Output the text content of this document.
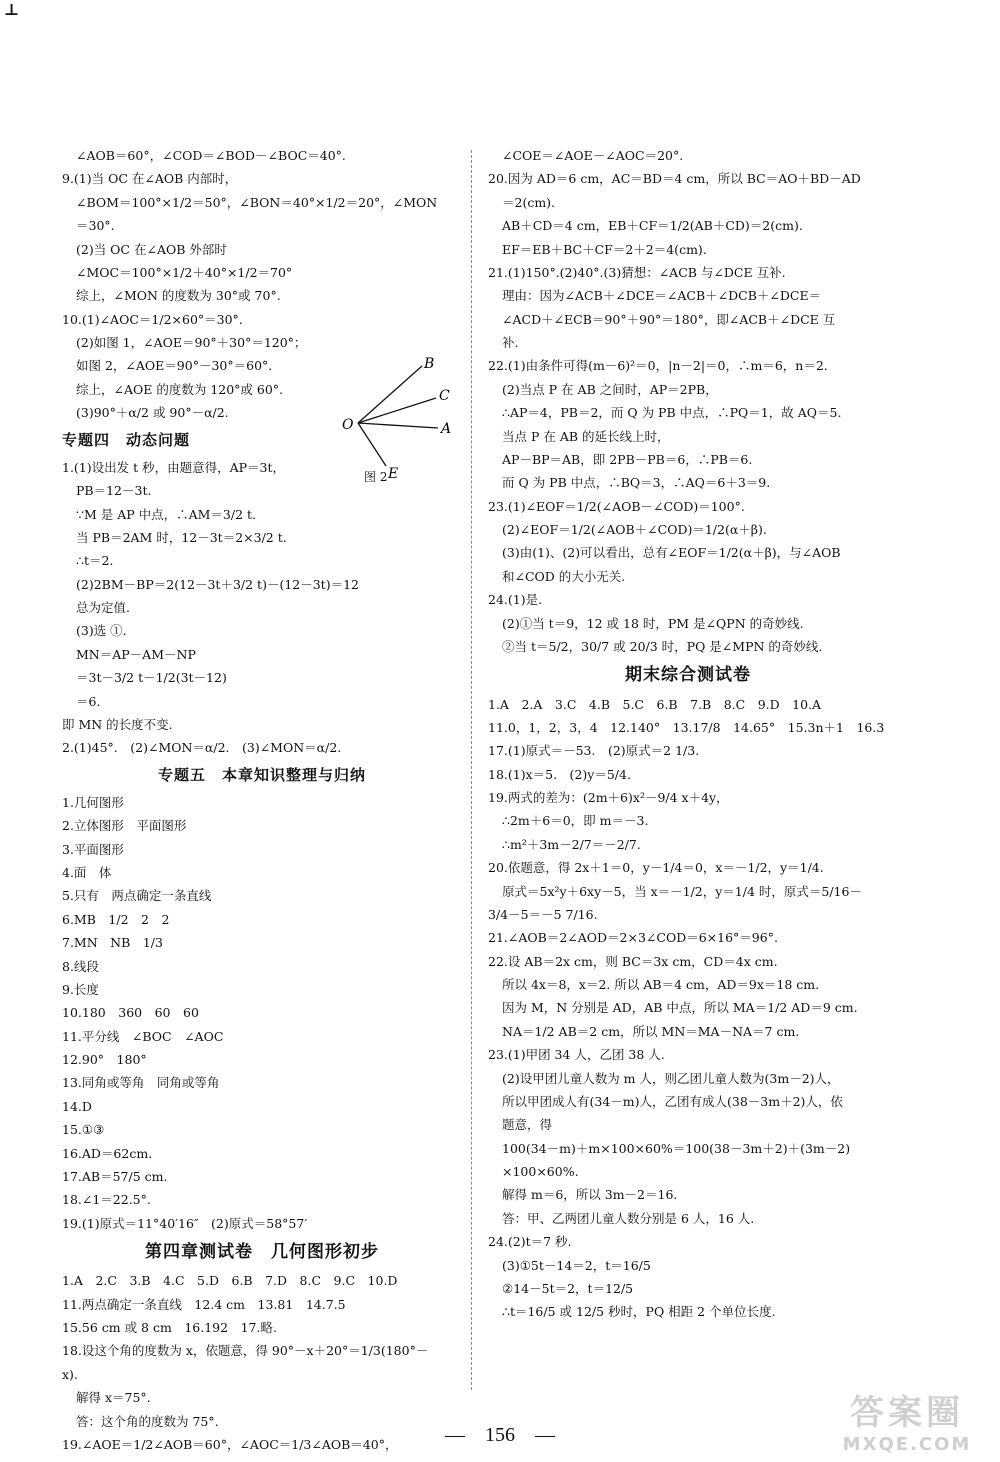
⊥
∠AOB＝60°，∠COD＝∠BOD－∠BOC＝40°.
9.(1)当 OC 在∠AOB 内部时，
∠BOM＝100°×1/2＝50°，∠BON＝40°×1/2＝20°，∠MON
＝30°.
(2)当 OC 在∠AOB 外部时
∠MOC＝100°×1/2＋40°×1/2＝70°
综上，∠MON 的度数为 30°或 70°.
10.(1)∠AOC＝1/2×60°＝30°.
(2)如图 1，∠AOE＝90°＋30°＝120°；
如图 2，∠AOE＝90°－30°＝60°.
综上，∠AOE 的度数为 120°或 60°.
(3)90°＋α/2 或 90°－α/2.
专题四　动态问题
1.(1)设出发 t 秒，由题意得，AP＝3t，
PB＝12－3t.
∵M 是 AP 中点，∴AM＝3/2 t.
当 PB＝2AM 时，12－3t＝2×3/2 t.
∴t＝2.
(2)2BM－BP＝2(12－3t＋3/2 t)－(12－3t)＝12
总为定值.
(3)选 ①.
MN＝AP－AM－NP
＝3t－3/2 t－1/2(3t－12)
＝6.
即 MN 的长度不变.
2.(1)45°.　(2)∠MON＝α/2.　(3)∠MON＝α/2.
专题五　本章知识整理与归纳
1.几何图形
2.立体图形　平面图形
3.平面图形
4.面　体
5.只有　两点确定一条直线
6.MB　1/2　2　2
7.MN　NB　1/3
8.线段
9.长度
10.180　360　60　60
11.平分线　∠BOC　∠AOC
12.90°　180°
13.同角或等角　同角或等角
14.D
15.①③
16.AD＝62cm.
17.AB＝57/5 cm.
18.∠1＝22.5°.
19.(1)原式＝11°40′16″　(2)原式＝58°57′
第四章测试卷　几何图形初步
1.A　2.C　3.B　4.C　5.D　6.B　7.D　8.C　9.C　10.D
11.两点确定一条直线　12.4 cm　13.81　14.7.5
15.56 cm 或 8 cm　16.192　17.略.
18.设这个角的度数为 x，依题意，得 90°－x＋20°＝1/3(180°－
x).
解得 x＝75°.
答：这个角的度数为 75°.
19.∠AOE＝1/2∠AOB＝60°，∠AOC＝1/3∠AOB＝40°，
∠COE＝∠AOE－∠AOC＝20°.
20.因为 AD＝6 cm，AC＝BD＝4 cm，所以 BC＝AO＋BD－AD
＝2(cm).
AB＋CD＝4 cm，EB＋CF＝1/2(AB＋CD)＝2(cm).
EF＝EB＋BC＋CF＝2＋2＝4(cm).
21.(1)150°.(2)40°.(3)猜想：∠ACB 与∠DCE 互补.
理由：因为∠ACB＋∠DCE＝∠ACB＋∠DCB＋∠DCE＝
∠ACD＋∠ECB＝90°＋90°＝180°，即∠ACB＋∠DCE 互
补.
22.(1)由条件可得(m－6)²＝0，|n－2|＝0，∴m＝6，n＝2.
(2)当点 P 在 AB 之间时，AP＝2PB，
∴AP＝4，PB＝2，而 Q 为 PB 中点，∴PQ＝1，故 AQ＝5.
当点 P 在 AB 的延长线上时，
AP－BP＝AB，即 2PB－PB＝6，∴PB＝6.
而 Q 为 PB 中点，∴BQ＝3，∴AQ＝6＋3＝9.
23.(1)∠EOF＝1/2(∠AOB－∠COD)＝100°.
(2)∠EOF＝1/2(∠AOB＋∠COD)＝1/2(α＋β).
(3)由(1)、(2)可以看出，总有∠EOF＝1/2(α＋β)，与∠AOB
和∠COD 的大小无关.
24.(1)是.
(2)①当 t＝9，12 或 18 时，PM 是∠QPN 的奇妙线.
②当 t＝5/2，30/7 或 20/3 时，PQ 是∠MPN 的奇妙线.
期末综合测试卷
1.A　2.A　3.C　4.B　5.C　6.B　7.B　8.C　9.D　10.A
11.0，1，2，3，4　12.140°　13.17/8　14.65°　15.3n＋1　16.3
17.(1)原式＝－53.　(2)原式＝2 1/3.
18.(1)x＝5.　(2)y＝5/4.
19.两式的差为：(2m＋6)x²－9/4 x＋4y，
∴2m＋6＝0，即 m＝－3.
∴m²＋3m－2/7＝－2/7.
20.依题意，得 2x＋1＝0，y－1/4＝0，x＝－1/2，y＝1/4.
原式＝5x²y＋6xy－5，当 x＝－1/2，y＝1/4 时，原式＝5/16－
3/4－5＝－5 7/16.
21.∠AOB＝2∠AOD＝2×3∠COD＝6×16°＝96°.
22.设 AB＝2x cm，则 BC＝3x cm，CD＝4x cm.
所以 4x＝8，x＝2. 所以 AB＝4 cm，AD＝9x＝18 cm.
因为 M，N 分别是 AD，AB 中点，所以 MA＝1/2 AD＝9 cm.
NA＝1/2 AB＝2 cm，所以 MN＝MA－NA＝7 cm.
23.(1)甲团 34 人，乙团 38 人.
(2)设甲团儿童人数为 m 人，则乙团儿童人数为(3m－2)人，
所以甲团成人有(34－m)人，乙团有成人(38－3m＋2)人，依
题意，得
100(34－m)＋m×100×60%＝100(38－3m＋2)＋(3m－2)
×100×60%.
解得 m＝6，所以 3m－2＝16.
答：甲、乙两团儿童人数分别是 6 人，16 人.
24.(2)t＝7 秒.
(3)①5t－14＝2，t＝16/5
②14－5t＝2，t＝12/5
∴t＝16/5 或 12/5 秒时，PQ 相距 2 个单位长度.
B
C
A
O
E
图 2
—　156　—
答案圈
MXQE.COM
